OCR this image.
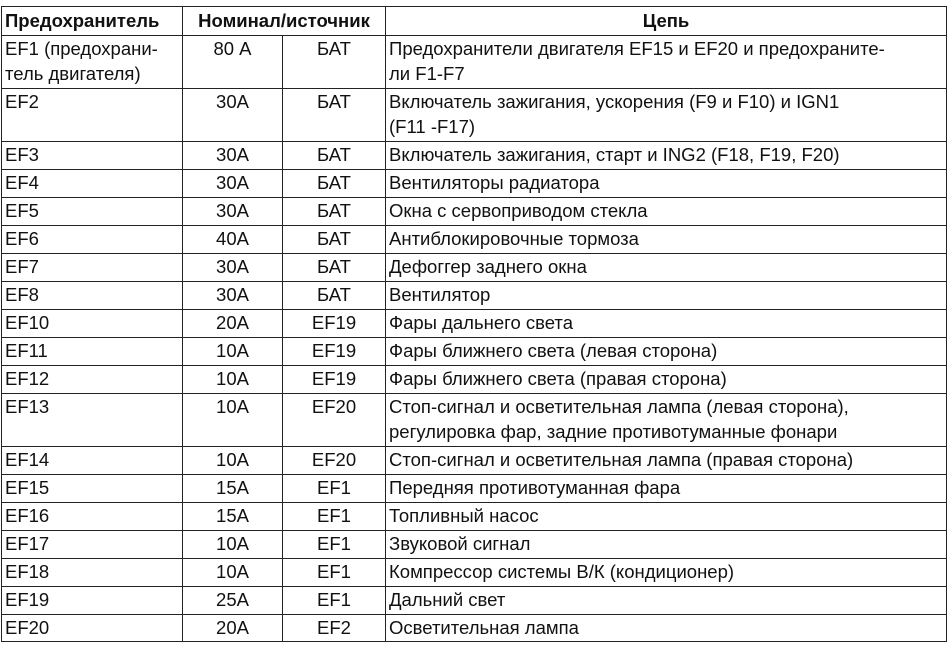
Предохранитель	Номинал/источник		Цепь
EF1 (предохрани-
тель двигателя)	80 А	БАТ	Предохранители двигателя EF15 и EF20 и предохраните-
ли F1-F7
EF2	30А	БАТ	Включатель зажигания, ускорения (F9 и F10) и IGN1
(F11 -F17)
EF3	30А	БАТ	Включатель зажигания, старт и ING2 (F18, F19, F20)
EF4	30А	БАТ	Вентиляторы радиатора
EF5	30А	БАТ	Окна с сервоприводом стекла
EF6	40А	БАТ	Антиблокировочные тормоза
EF7	30А	БАТ	Дефоггер заднего окна
EF8	30А	БАТ	Вентилятор
EF10	20А	EF19	Фары дальнего света
EF11	10А	EF19	Фары ближнего света (левая сторона)
EF12	10А	EF19	Фары ближнего света (правая сторона)
EF13	10А	EF20	Стоп-сигнал и осветительная лампа (левая сторона),
регулировка фар, задние противотуманные фонари
EF14	10А	EF20	Стоп-сигнал и осветительная лампа (правая сторона)
EF15	15А	EF1	Передняя противотуманная фара
EF16	15А	EF1	Топливный насос
EF17	10А	EF1	Звуковой сигнал
EF18	10А	EF1	Компрессор системы В/К (кондиционер)
EF19	25А	EF1	Дальний свет
EF20	20А	EF2	Осветительная лампа
